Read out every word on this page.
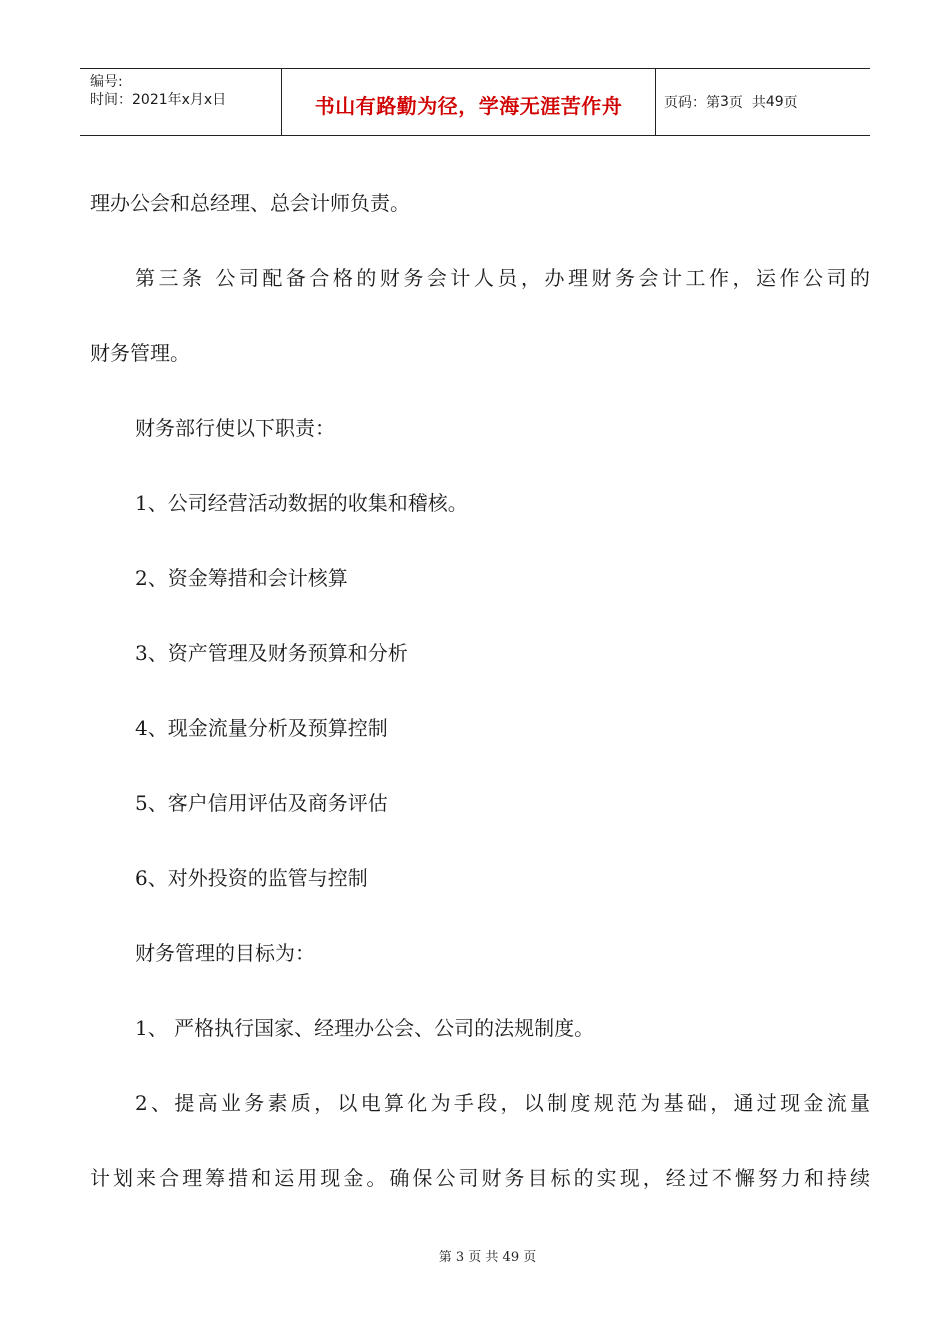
编号:
时间：2021年x月x日	书山有路勤为径，学海无涯苦作舟	页码：第 3 页  共 49 页

理办公会和总经理、总会计师负责。

第三条 公司配备合格的财务会计人员，办理财务会计工作，运作公司的

财务管理。

财务部行使以下职责：

1、公司经营活动数据的收集和稽核。

2、资金筹措和会计核算

3、资产管理及财务预算和分析

4、现金流量分析及预算控制

5、客户信用评估及商务评估

6、对外投资的监管与控制

财务管理的目标为：

1、 严格执行国家、经理办公会、公司的法规制度。

2、提高业务素质，以电算化为手段，以制度规范为基础，通过现金流量

计划来合理筹措和运用现金。确保公司财务目标的实现，经过不懈努力和持续

第 3 页 共 49 页
